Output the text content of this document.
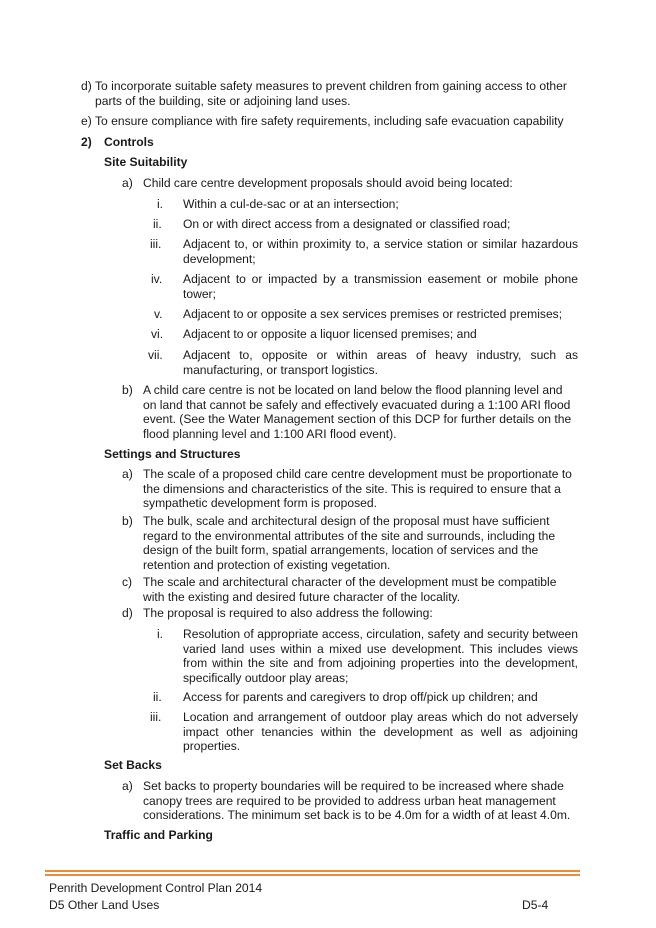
d) To incorporate suitable safety measures to prevent children from gaining access to other parts of the building, site or adjoining land uses.
e) To ensure compliance with fire safety requirements, including safe evacuation capability
2) Controls
Site Suitability
a) Child care centre development proposals should avoid being located:
i. Within a cul-de-sac or at an intersection;
ii. On or with direct access from a designated or classified road;
iii. Adjacent to, or within proximity to, a service station or similar hazardous development;
iv. Adjacent to or impacted by a transmission easement or mobile phone tower;
v. Adjacent to or opposite a sex services premises or restricted premises;
vi. Adjacent to or opposite a liquor licensed premises; and
vii. Adjacent to, opposite or within areas of heavy industry, such as manufacturing, or transport logistics.
b) A child care centre is not be located on land below the flood planning level and on land that cannot be safely and effectively evacuated during a 1:100 ARI flood event. (See the Water Management section of this DCP for further details on the flood planning level and 1:100 ARI flood event).
Settings and Structures
a) The scale of a proposed child care centre development must be proportionate to the dimensions and characteristics of the site. This is required to ensure that a sympathetic development form is proposed.
b) The bulk, scale and architectural design of the proposal must have sufficient regard to the environmental attributes of the site and surrounds, including the design of the built form, spatial arrangements, location of services and the retention and protection of existing vegetation.
c) The scale and architectural character of the development must be compatible with the existing and desired future character of the locality.
d) The proposal is required to also address the following:
i. Resolution of appropriate access, circulation, safety and security between varied land uses within a mixed use development. This includes views from within the site and from adjoining properties into the development, specifically outdoor play areas;
ii. Access for parents and caregivers to drop off/pick up children; and
iii. Location and arrangement of outdoor play areas which do not adversely impact other tenancies within the development as well as adjoining properties.
Set Backs
a) Set backs to property boundaries will be required to be increased where shade canopy trees are required to be provided to address urban heat management considerations. The minimum set back is to be 4.0m for a width of at least 4.0m.
Traffic and Parking
Penrith Development Control Plan 2014
D5 Other Land Uses	D5-4
